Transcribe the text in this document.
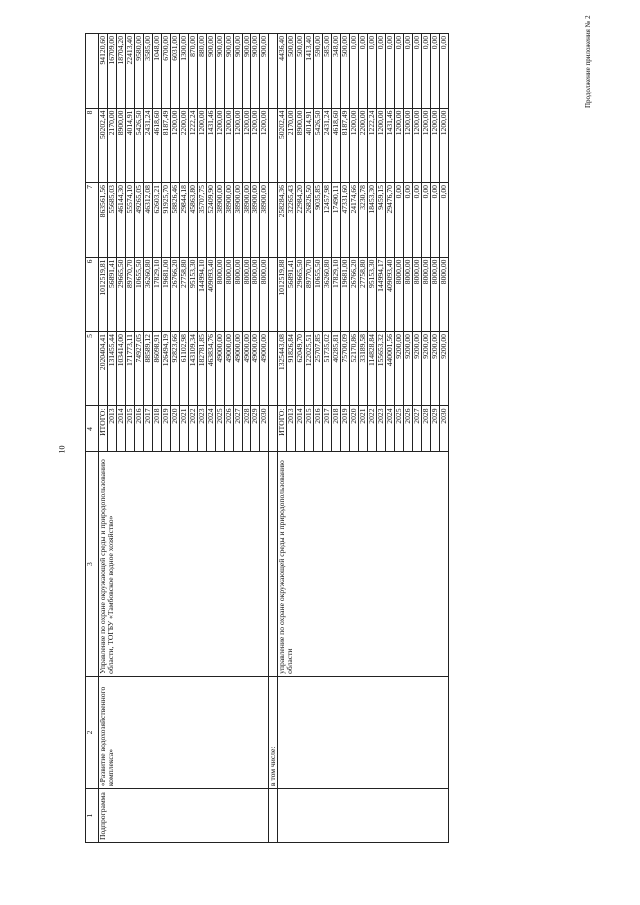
10
Продолжение приложения № 2
1	2	3	4	5	6	7	8	
Подпрограмма	«Развитие водохозяйственного комплекса»	Управление по охране окружающей среды и природопользованию области, ТОГБУ «Тамбовское водное хозяйство»	ИТОГО:	2020404,41	1012519,81	863561,56	50202,44	94120,60
			2013	131455,44	56891,41	55685,03	2170,00	16709,00
			2014	103414,00	29665,50	46144,30	8900,00	18704,20
			2015	171773,11	89770,70	55574,10	4014,91	22413,40
			2016	74927,05	10655,50	49265,05	5426,50	9580,00
			2017	88589,12	36260,80	46312,08	2431,24	3585,00
			2018	86098,91	17829,10	62603,21	4618,60	1048,00
			2019	126494,19	19681,00	91925,70	8187,49	6700,00
			2020	92823,66	26766,20	58826,46	1200,00	6031,00
			2021	61102,98	27758,80	29844,18	2200,00	1300,00
			2022	143109,34	95153,30	45863,80	1222,24	870,00
			2023	182781,85	144994,10	35707,75	1200,00	880,00
			2024	463834,76	409093,40	52409,90	1431,46	900,00
			2025	49000,00	8000,00	38900,00	1200,00	900,00
			2026	49000,00	8000,00	38900,00	1200,00	900,00
			2027	49000,00	8000,00	38900,00	1200,00	900,00
			2028	49000,00	8000,00	38900,00	1200,00	900,00
			2029	49000,00	8000,00	38900,00	1200,00	900,00
			2030	49000,00	8000,00	38900,00	1200,00	900,00
	в том числе:							
		управление по охране окружающей среды и природопользованию области	ИТОГО:	1325443,08	1012519,88	258284,36	50202,44	4436,40
			2013	91826,84	56891,41	32265,43	2170,00	500,00
			2014	62049,70	29665,50	22984,20	8900,00	500,00
			2015	122025,51	89770,70	26826,50	4014,91	1413,40
			2016	25707,85	10655,50	9035,85	5426,50	590,00
			2017	51735,02	36260,80	12457,98	2431,24	585,00
			2018	40285,81	17829,10	17490,11	4618,60	348,00
			2019	75700,09	19681,00	47331,60	8187,49	500,00
			2020	52170,86	26766,20	24174,66	1200,00	0,00
			2021	33189,58	27758,80	3230,78	2200,00	0,00
			2022	114828,84	95153,30	18453,30	1222,24	0,00
			2023	155653,32	144994,17	9459,15	1200,00	0,00
			2024	440001,56	409093,40	29476,70	1431,46	0,00
			2025	9200,00	8000,00	0,00	1200,00	0,00
			2026	9200,00	8000,00	0,00	1200,00	0,00
			2027	9200,00	8000,00	0,00	1200,00	0,00
			2028	9200,00	8000,00	0,00	1200,00	0,00
			2029	9200,00	8000,00	0,00	1200,00	0,00
			2030	9200,00	8000,00	0,00	1200,00	0,00
